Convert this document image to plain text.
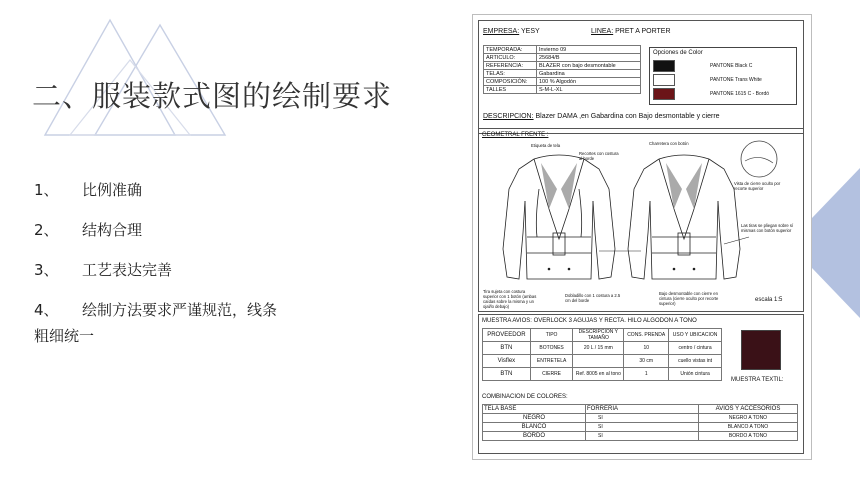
二、服装款式图的绘制要求
1、	比例准确
2、	结构合理
3、	工艺表达完善
4、	绘制方法要求严谨规范，线条
粗细统一
EMPRESA: YESY	LINEA: PRET A PORTER
TEMPORADA:	Invierno 09
ARTICULO:	25684/B
REFERENCIA:	BLAZER con bajo desmontable
TELAS:	Gabardina
COMPOSICIÓN:	100 % Algodón
TALLES	S-M-L-XL
Opciones de Color
PANTONE Black C
PANTONE Trans White
PANTONE 1615 C - Bordó
DESCRIPCION: Blazer DAMA ,en Gabardina con Bajo desmontable y cierre
GEOMETRAL FRENTE :
Etiqueta de tela
Recortes con costura al borde
Charretera con botón
Vista de cierre oculto por recorte superior
Las tiras se pliegan sobre sí mismas con botón superior
Tira sujeta con costura superior con 1 botón (ambas caídas sobre la misma y un ojal/lo debajo)
Dobladillo con 1 costura a 2.5 cm del borde
Bajo desmontable con cierre en cintura (cierre oculto por recorte superior)
escala 1:5
MUESTRA AVIOS: OVERLOCK 3 AGUJAS Y RECTA. HILO ALGODON A TONO
PROVEEDOR	TIPO	DESCRIPCION Y TAMAÑO	CONS. PRENDA	USO Y UBICACION
BTN	BOTONES	20 L / 15 mm	10	centro / cintura
Visflex	ENTRETELA		30 cm	cuello vistas int
BTN	CIERRE	Ref. 8005 en al tono	1	Unión cintura
MUESTRA TEXTIL:
COMBINACION DE COLORES:
TELA BASE	FORRERIA	AVIOS Y ACCESORIOS
NEGRO	SI	NEGRO A TONO
BLANCO	SI	BLANCO A TONO
BORDO	SI	BORDO A TONO
